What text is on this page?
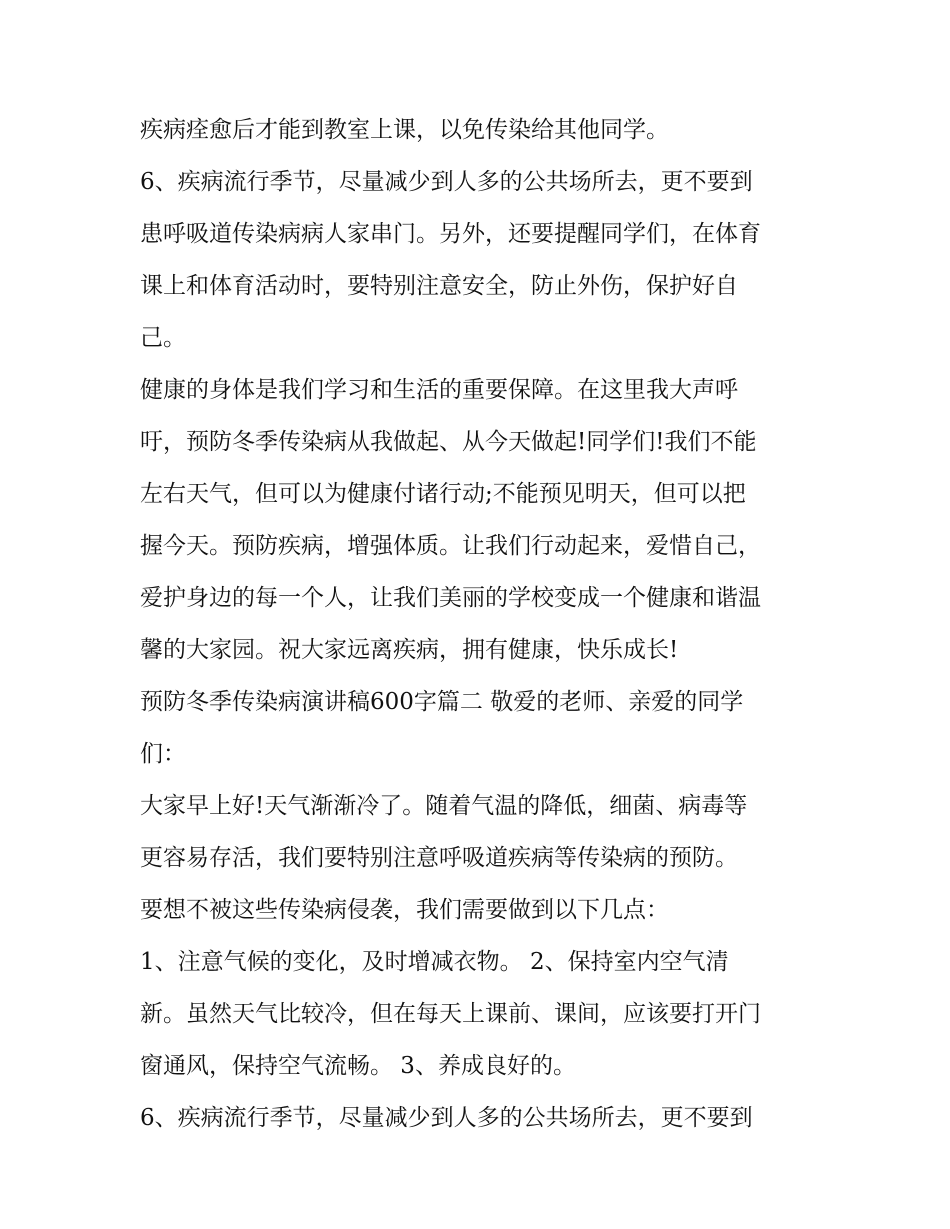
疾病痊愈后才能到教室上课，以免传染给其他同学。
6、疾病流行季节，尽量减少到人多的公共场所去，更不要到
患呼吸道传染病病人家串门。另外，还要提醒同学们，在体育
课上和体育活动时，要特别注意安全，防止外伤，保护好自
己。
健康的身体是我们学习和生活的重要保障。在这里我大声呼
吁，预防冬季传染病从我做起、从今天做起!同学们!我们不能
左右天气，但可以为健康付诸行动;不能预见明天，但可以把
握今天。预防疾病，增强体质。让我们行动起来，爱惜自己，
爱护身边的每一个人，让我们美丽的学校变成一个健康和谐温
馨的大家园。祝大家远离疾病，拥有健康，快乐成长!
预防冬季传染病演讲稿600字篇二 敬爱的老师、亲爱的同学
们：
大家早上好!天气渐渐冷了。随着气温的降低，细菌、病毒等
更容易存活，我们要特别注意呼吸道疾病等传染病的预防。
要想不被这些传染病侵袭，我们需要做到以下几点：
1、注意气候的变化，及时增减衣物。 2、保持室内空气清
新。虽然天气比较冷，但在每天上课前、课间，应该要打开门
窗通风，保持空气流畅。 3、养成良好的。
6、疾病流行季节，尽量减少到人多的公共场所去，更不要到
